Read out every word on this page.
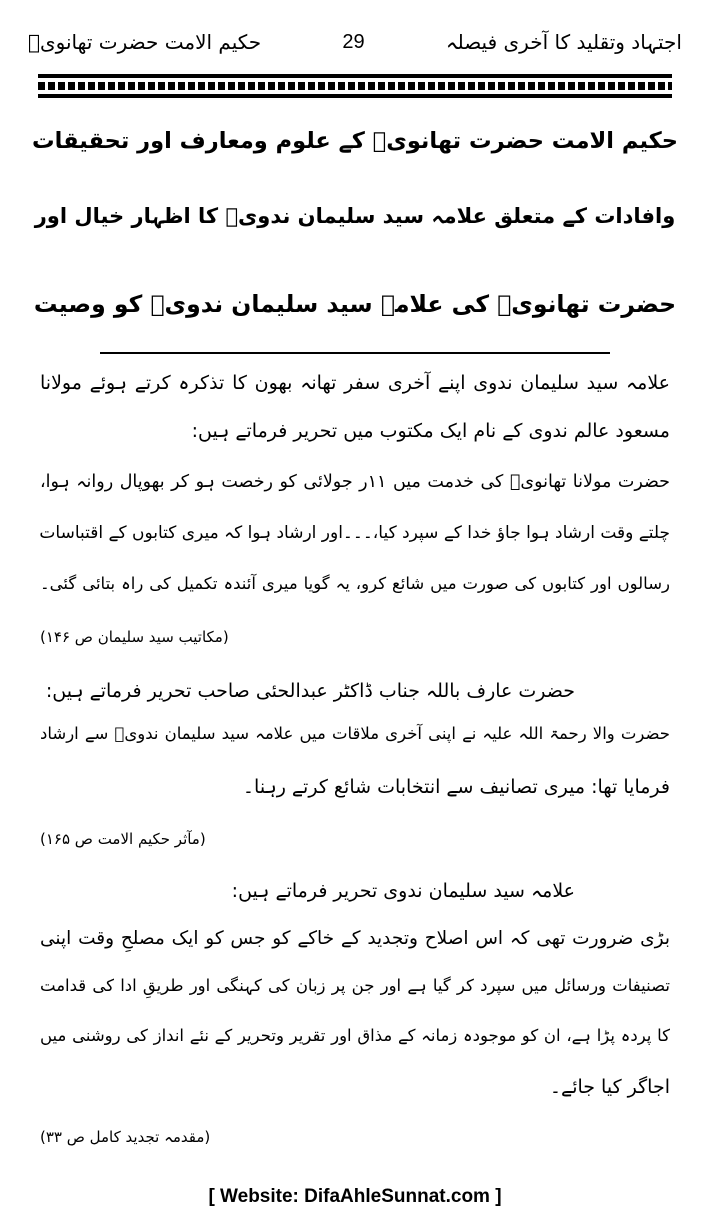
حکیم الامت حضرت تھانویؒ	29	اجتہاد وتقلید کا آخری فیصلہ
حکیم الامت حضرت تھانویؒ کے علوم ومعارف اور تحقیقات
وافادات کے متعلق علامہ سید سلیمان ندویؒ کا اظہار خیال اور
حضرت تھانویؒ کی علامہ سید سلیمان ندویؒ کو وصیت
علامہ سید سلیمان ندوی اپنے آخری سفر تھانہ بھون کا تذکرہ کرتے ہوئے مولانا
مسعود عالم ندوی کے نام ایک مکتوب میں تحریر فرماتے ہیں:
حضرت مولانا تھانویؒ کی خدمت میں ۱۱ر جولائی کو رخصت ہو کر بھوپال روانہ ہوا،
چلتے وقت ارشاد ہوا جاؤ خدا کے سپرد کیا،۔۔۔اور ارشاد ہوا کہ میری کتابوں کے اقتباسات
رسالوں اور کتابوں کی صورت میں شائع کرو، یہ گویا میری آئندہ تکمیل کی راہ بتائی گئی۔
(مکاتیب سید سلیمان ص ۱۴۶)
حضرت عارف باللہ جناب ڈاکٹر عبدالحئی صاحب تحریر فرماتے ہیں:
حضرت والا رحمۃ اللہ علیہ نے اپنی آخری ملاقات میں علامہ سید سلیمان ندویؒ سے ارشاد
فرمایا تھا: میری تصانیف سے انتخابات شائع کرتے رہنا۔
(مآثر حکیم الامت ص ۱۶۵)
علامہ سید سلیمان ندوی تحریر فرماتے ہیں:
بڑی ضرورت تھی کہ اس اصلاح وتجدید کے خاکے کو جس کو ایک مصلحِ وقت اپنی
تصنیفات ورسائل میں سپرد کر گیا ہے اور جن پر زبان کی کہنگی اور طریقِ ادا کی قدامت
کا پردہ پڑا ہے، ان کو موجودہ زمانہ کے مذاق اور تقریر وتحریر کے نئے انداز کی روشنی میں
اجاگر کیا جائے۔
(مقدمہ تجدید کامل ص ۳۳)
[ Website: DifaAhleSunnat.com ]
